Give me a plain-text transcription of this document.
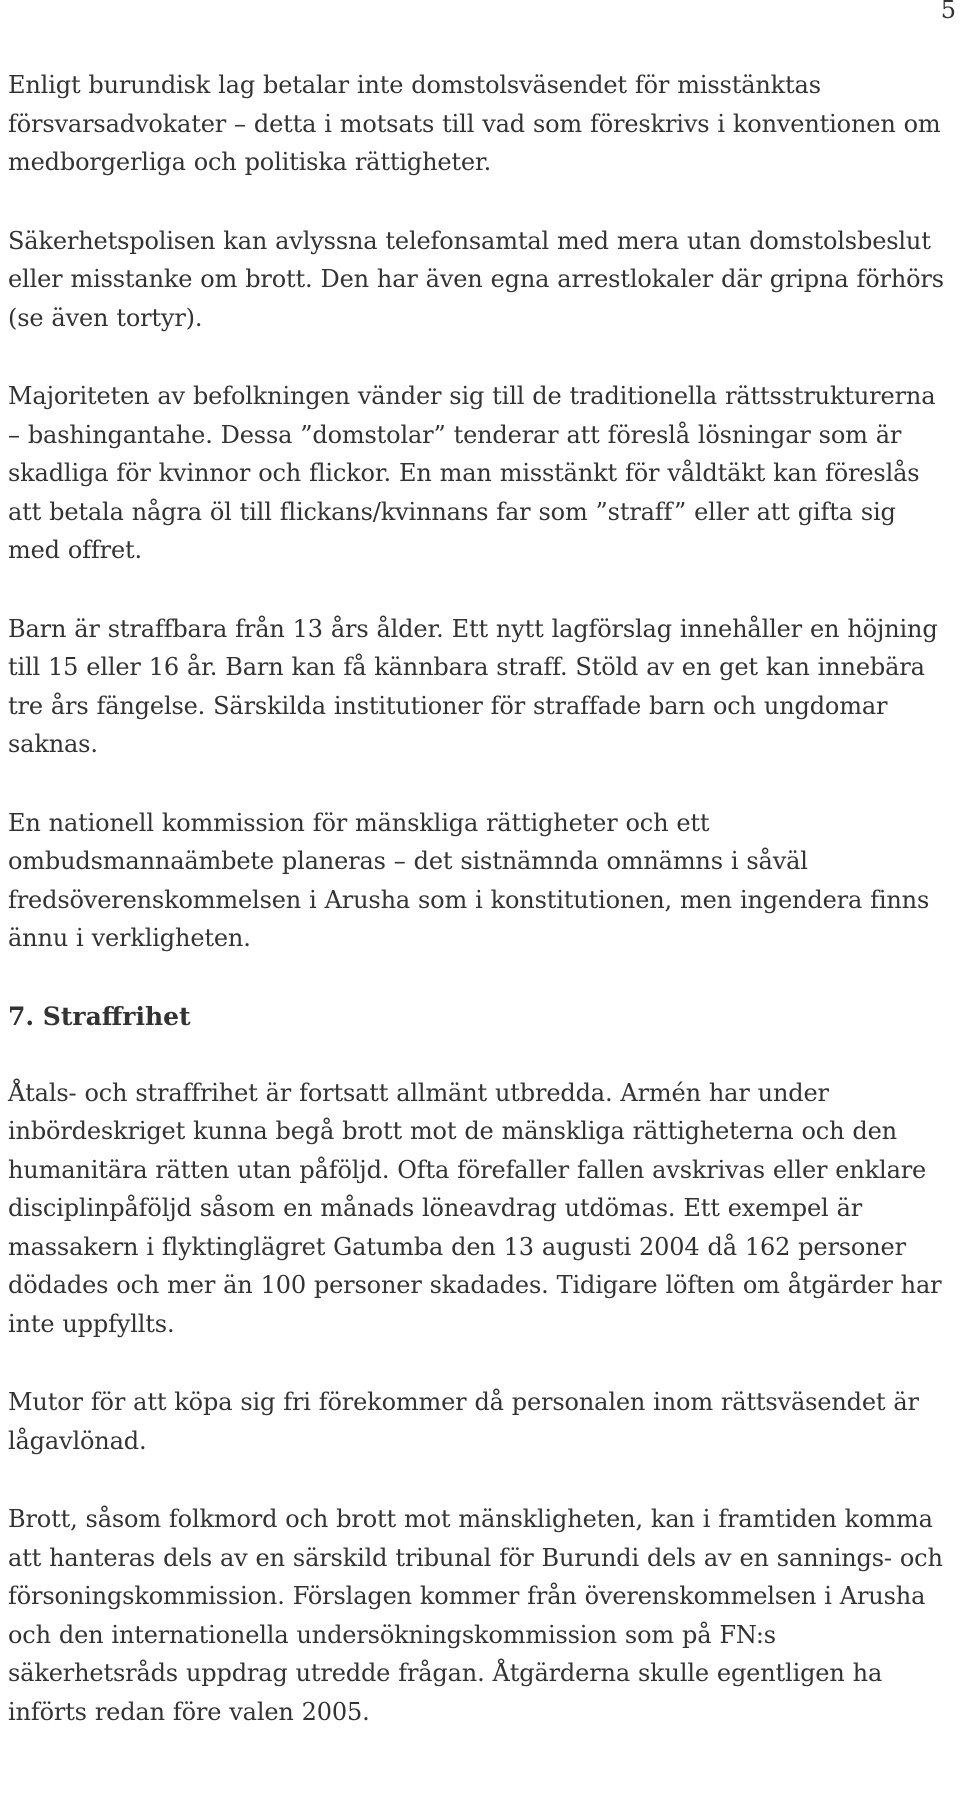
5

Enligt burundisk lag betalar inte domstolsväsendet för misstänktas försvarsadvokater – detta i motsats till vad som föreskrivs i konventionen om medborgerliga och politiska rättigheter.

Säkerhetspolisen kan avlyssna telefonsamtal med mera utan domstolsbeslut eller misstanke om brott. Den har även egna arrestlokaler där gripna förhörs (se även tortyr).

Majoriteten av befolkningen vänder sig till de traditionella rättsstrukturerna – bashingantahe. Dessa ”domstolar” tenderar att föreslå lösningar som är skadliga för kvinnor och flickor. En man misstänkt för våldtäkt kan föreslås att betala några öl till flickans/kvinnans far som ”straff” eller att gifta sig med offret.

Barn är straffbara från 13 års ålder. Ett nytt lagförslag innehåller en höjning till 15 eller 16 år. Barn kan få kännbara straff. Stöld av en get kan innebära tre års fängelse. Särskilda institutioner för straffade barn och ungdomar saknas.

En nationell kommission för mänskliga rättigheter och ett ombudsmannaämbete planeras – det sistnämnda omnämns i såväl fredsöverenskommelsen i Arusha som i konstitutionen, men ingendera finns ännu i verkligheten.

7. Straffrihet

Åtals- och straffrihet är fortsatt allmänt utbredda. Armén har under inbördeskriget kunna begå brott mot de mänskliga rättigheterna och den humanitära rätten utan påföljd. Ofta förefaller fallen avskrivas eller enklare disciplinpåföljd såsom en månads löneavdrag utdömas. Ett exempel är massakern i flyktinglägret Gatumba den 13 augusti 2004 då 162 personer dödades och mer än 100 personer skadades. Tidigare löften om åtgärder har inte uppfyllts.

Mutor för att köpa sig fri förekommer då personalen inom rättsväsendet är lågavlönad.

Brott, såsom folkmord och brott mot mänskligheten, kan i framtiden komma att hanteras dels av en särskild tribunal för Burundi dels av en sannings- och försoningskommission. Förslagen kommer från överenskommelsen i Arusha och den internationella undersökningskommission som på FN:s säkerhetsråds uppdrag utredde frågan. Åtgärderna skulle egentligen ha införts redan före valen 2005.
